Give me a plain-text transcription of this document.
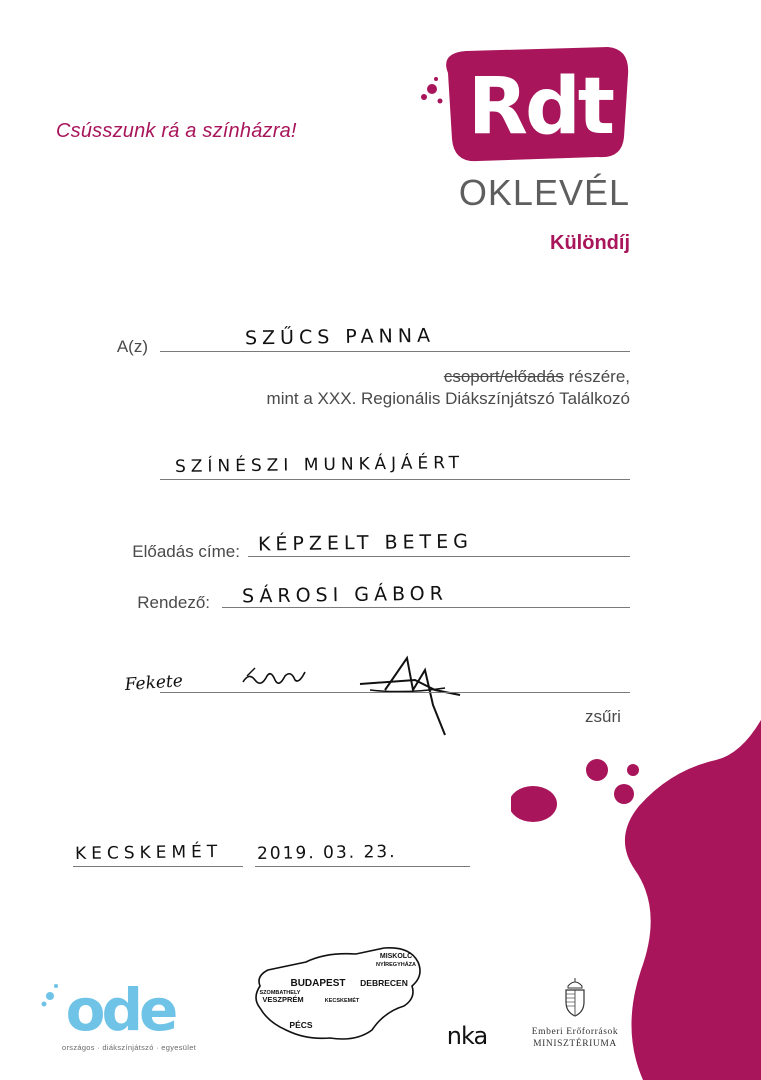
Csússzunk rá a színházra! Rdt
OKLEVÉL
Különdíj
A(z)	SZŰCS PANNA
csoport/előadás részére,
mint a XXX. Regionális Diákszínjátszó Találkozó
SZÍNÉSZI MUNKÁJÁÉRT
Előadás címe: KÉPZELT BETEG
Rendező: SÁROSI GÁBOR
Fekete
zsűri
KECSKEMÉT 2019. 03. 23.
ode
országos · diákszínjátszó · egyesület
MISKOLC
NYÍREGYHÁZA
BUDAPEST DEBRECEN
SZOMBATHELY
VESZPRÉM	KECSKEMÉT
PÉCS	nka	Emberi Erőforrások
MINISZTÉRIUMA
